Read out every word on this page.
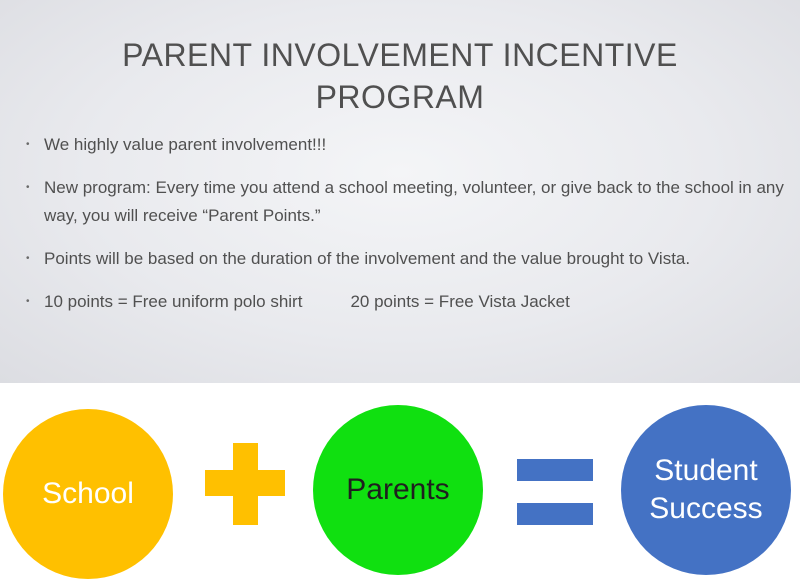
PARENT INVOLVEMENT INCENTIVE
PROGRAM
• We highly value parent involvement!!!
• New program: Every time you attend a school meeting, volunteer, or give back to the school in any way, you will receive “Parent Points.”
• Points will be based on the duration of the involvement and the value brought to Vista.
• 10 points = Free uniform polo shirt	20 points = Free Vista Jacket
School	Parents
Student
Success
